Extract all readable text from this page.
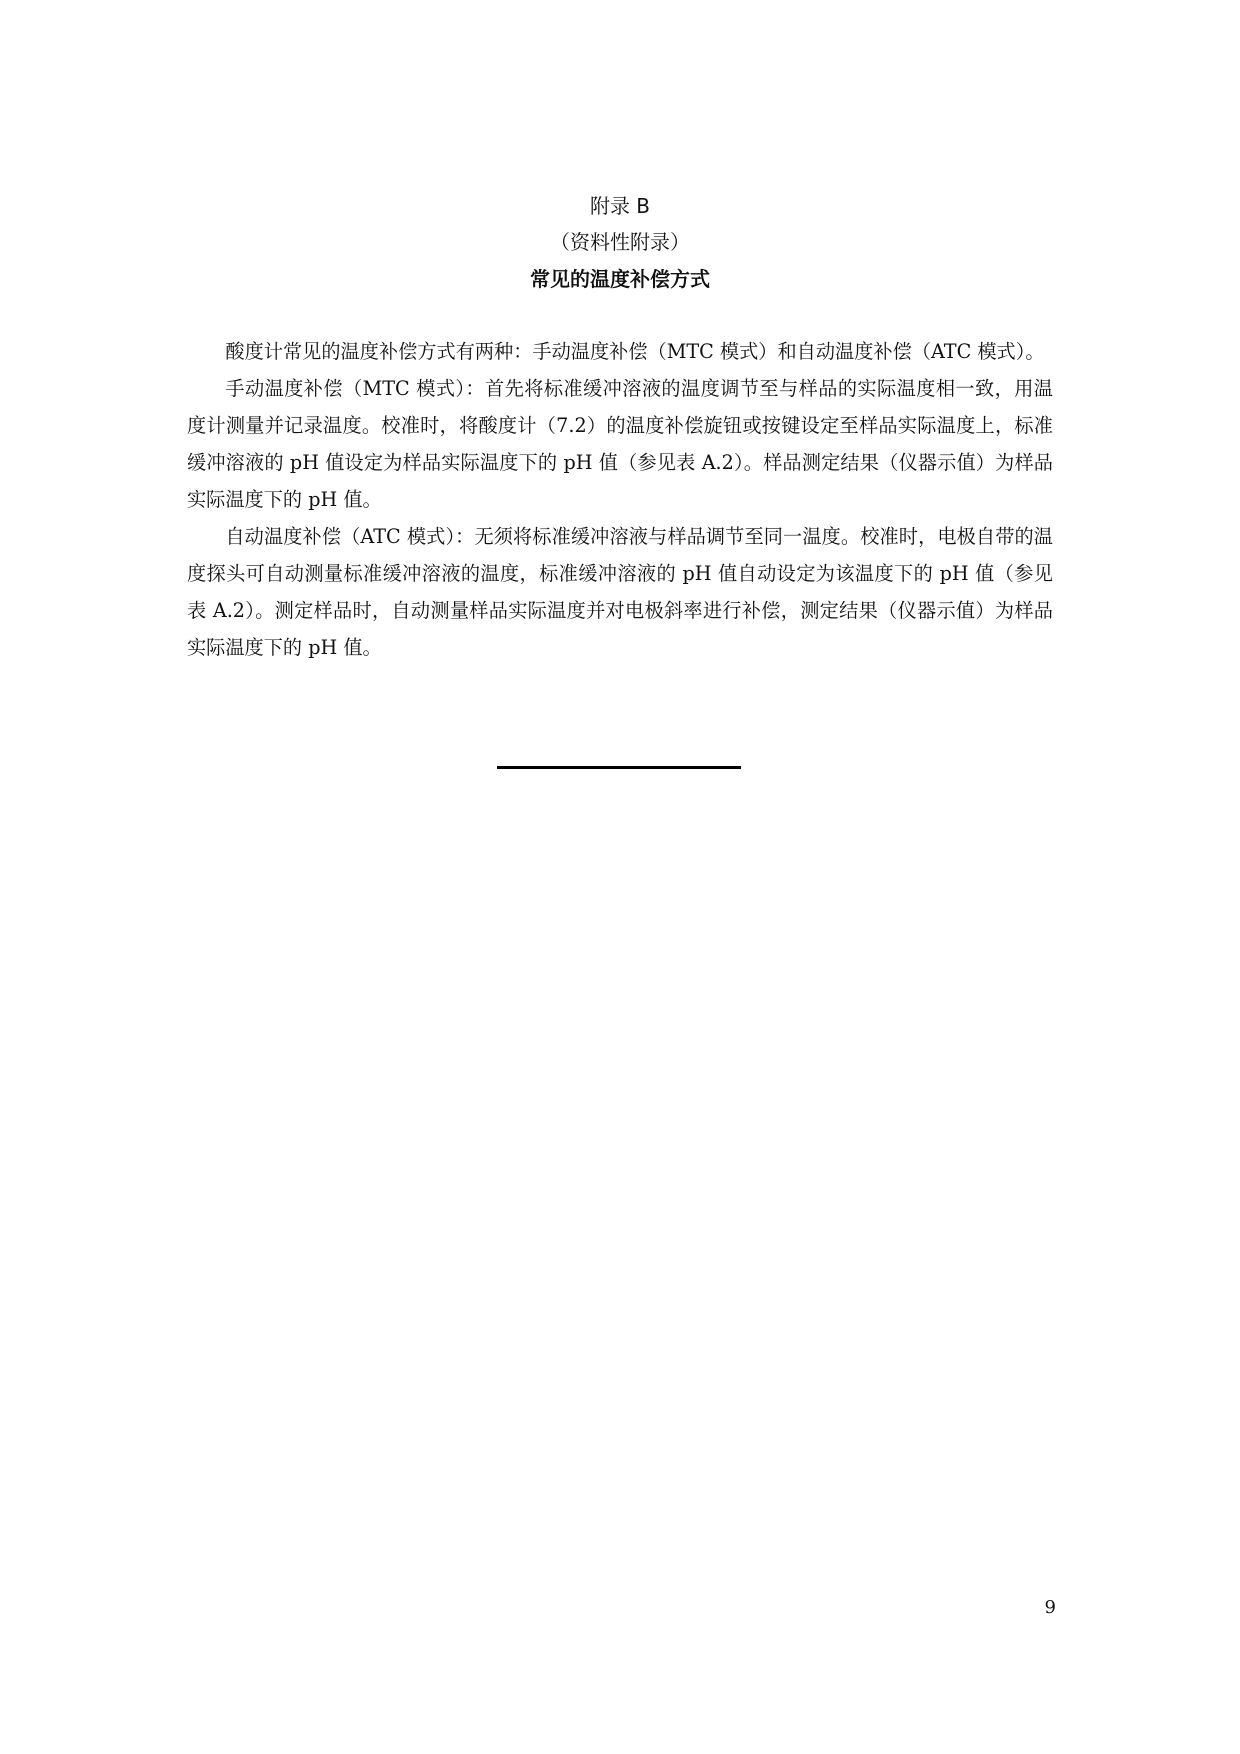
附录 B
（资料性附录）
常见的温度补偿方式

酸度计常见的温度补偿方式有两种：手动温度补偿（MTC 模式）和自动温度补偿（ATC 模式）。

手动温度补偿（MTC 模式）：首先将标准缓冲溶液的温度调节至与样品的实际温度相一致，用温度计测量并记录温度。校准时，将酸度计（7.2）的温度补偿旋钮或按键设定至样品实际温度上，标准缓冲溶液的 pH 值设定为样品实际温度下的 pH 值（参见表 A.2）。样品测定结果（仪器示值）为样品实际温度下的 pH 值。

自动温度补偿（ATC 模式）：无须将标准缓冲溶液与样品调节至同一温度。校准时，电极自带的温度探头可自动测量标准缓冲溶液的温度，标准缓冲溶液的 pH 值自动设定为该温度下的 pH 值（参见表 A.2）。测定样品时，自动测量样品实际温度并对电极斜率进行补偿，测定结果（仪器示值）为样品实际温度下的 pH 值。

9
